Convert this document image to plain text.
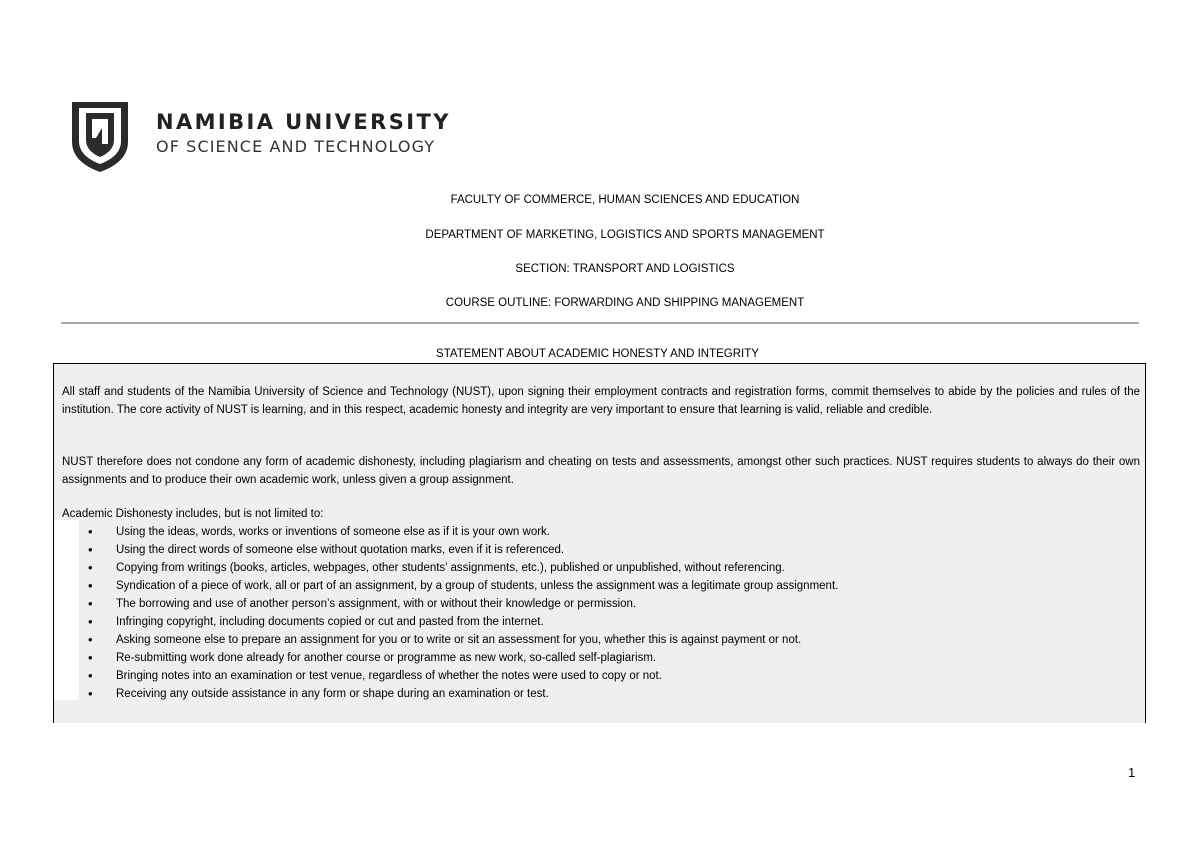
NAMIBIA UNIVERSITY
OF SCIENCE AND TECHNOLOGY
FACULTY OF COMMERCE, HUMAN SCIENCES AND EDUCATION
DEPARTMENT OF MARKETING, LOGISTICS AND SPORTS MANAGEMENT
SECTION: TRANSPORT AND LOGISTICS
COURSE OUTLINE: FORWARDING AND SHIPPING MANAGEMENT
STATEMENT ABOUT ACADEMIC HONESTY AND INTEGRITY
All staff and students of the Namibia University of Science and Technology (NUST), upon signing their employment contracts and registration forms, commit themselves to abide by the policies and rules of the institution. The core activity of NUST is learning, and in this respect, academic honesty and integrity are very important to ensure that learning is valid, reliable and credible.
NUST therefore does not condone any form of academic dishonesty, including plagiarism and cheating on tests and assessments, amongst other such practices. NUST requires students to always do their own assignments and to produce their own academic work, unless given a group assignment.
Academic Dishonesty includes, but is not limited to:
• Using the ideas, words, works or inventions of someone else as if it is your own work.
• Using the direct words of someone else without quotation marks, even if it is referenced.
• Copying from writings (books, articles, webpages, other students’ assignments, etc.), published or unpublished, without referencing.
• Syndication of a piece of work, all or part of an assignment, by a group of students, unless the assignment was a legitimate group assignment.
• The borrowing and use of another person’s assignment, with or without their knowledge or permission.
• Infringing copyright, including documents copied or cut and pasted from the internet.
• Asking someone else to prepare an assignment for you or to write or sit an assessment for you, whether this is against payment or not.
• Re-submitting work done already for another course or programme as new work, so-called self-plagiarism.
• Bringing notes into an examination or test venue, regardless of whether the notes were used to copy or not.
• Receiving any outside assistance in any form or shape during an examination or test.
1
